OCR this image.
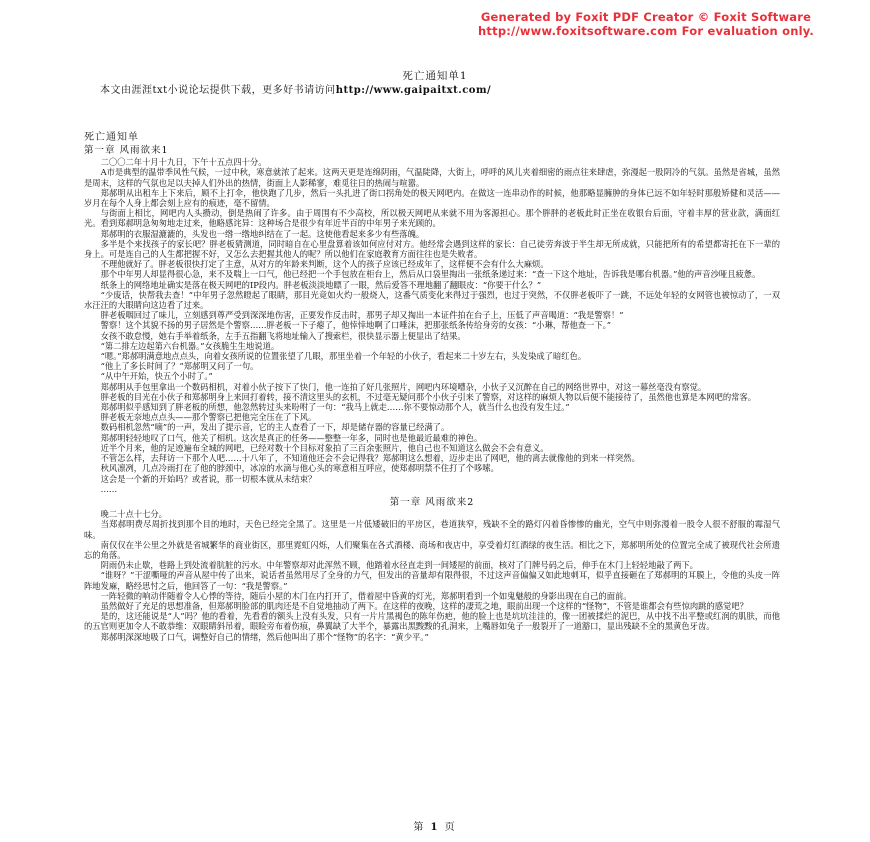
Generated by Foxit PDF Creator © Foxit Software
http://www.foxitsoftware.com For evaluation only.
死亡通知单1
本文由涯涯txt小说论坛提供下载，更多好书请访问http://www.gaipaitxt.com/
死亡通知单

第一章 风雨欲来1

二〇〇二年十月十九日，下午十五点四十分。

A市是典型的温带季风性气候，一过中秋，寒意就浓了起来。这两天更是连绵阴雨，气温陡降，大街上，呼呼的风儿夹着细密的雨点往来肆虐，弥漫起一股阴冷的气氛。虽然是省城，虽然是周末，这样的气氛也足以夫掉人们外出的热情，街面上人影稀寥，难觅往日的热闹与喧嚣。

郑郝明从出租车上下来后，顾不上打伞，他快跑了几步，然后一头扎进了街口拐角处的极天网吧内。在做这一连串动作的时候，他那略显臃肿的身体已远不如年轻时那般矫健和灵活——岁月在每个人身上都会刻上应有的痕迹，毫不留情。

与街面上相比，网吧内人头攒动，倒是热闹了许多。由于周围有不少高校，所以极天网吧从来就不用为客源担心。那个胖胖的老板此时正坐在收银台后面，守着丰厚的营业款，满面红光。看到郑郝明急匆匆地走过来，他略感诧异：这种场合是很少有年近半百的中年男子来光顾的。

郑郝明的衣服湿漉漉的，头发也一绺一绺地纠结在了一起。这使他看起来多少有些落魄。

多半是个来找孩子的家长吧？胖老板猜测道，同时暗自在心里盘算着该如何应付对方。他经常会遇到这样的家长：自己徒劳奔波于半生却无所成就，只能把所有的希望都寄托在下一辈的身上。可是连自己的人生都把握不好，又怎么去把握其他人的呢？所以他们在家庭教育方面往往也是失败者。

不理他就好了。胖老板很快打定了主意，从对方的年龄来判断，这个人的孩子应该已经成年了，这样便不会有什么大麻烦。

那个中年男人却显得很心急，来不及喘上一口气，他已经把一个手包放在柜台上，然后从口袋里掏出一张纸条递过来：“查一下这个地址，告诉我是哪台机器。”他的声音沙哑且疲惫。

纸条上的网络地址确实是落在极天网吧的IP段内。胖老板淡淡地瞟了一眼，然后爱答不理地翻了翻眼皮：“你要干什么？”

“少废话，快帮我去查！”中年男子忽然瞪起了眼睛，那目光竟如火灼一般烧人，这番气质变化来得过于强烈，也过于突然，不仅胖老板吓了一跳，不远处年轻的女网管也被惊动了，一双水汪汪的大眼睛向这边看了过来。

胖老板咽回过了味儿，立刻感到尊严受到深深地伤害，正要发作反击时，那男子却又掏出一本证件拍在台子上，压低了声音喝道：“我是警察！”

警察！这个其貌不扬的男子居然是个警察……胖老板一下子瘪了，他悻悻地啊了口唾沫，把那张纸条传给身旁的女孩：“小琳，帮他查一下。”

女孩不敢怠慢，她右手举着纸条，左手五指翻飞将地址输入了搜索栏，很快显示器上便显出了结果。

“第二排左边起第六台机器。”女孩脆生生地说道。

“嗯。”郑郝明满意地点点头，向着女孩所说的位置张望了几眼，那里坐着一个年轻的小伙子，看起来二十岁左右，头发染成了暗红色。

“他上了多长时间了？”郑郝明又问了一句。

“从中午开始，快五个小时了。”

郑郝明从手包里拿出一个数码相机，对着小伙子按下了快门，他一连拍了好几张照片，网吧内环境嘈杂，小伙子又沉醉在自己的网络世界中，对这一幕丝毫没有察觉。

胖老板的目光在小伙子和郑郝明身上来回打着转，接不清这里头的玄机，不过毫无疑问那个小伙子引来了警察，对这样的麻烦人物以后便不能接待了，虽然他也算是本网吧的常客。

郑郝明似乎感知到了胖老板的所想，他忽然转过头来吩咐了一句：“我马上就走……你不要惊动那个人，就当什么也没有发生过。”

胖老板无奈地点点头——那个警察已把他完全压在了下风。

数码相机忽然“嘀”的一声，发出了提示音，它的主人查看了一下，却是储存器的容量已经满了。

郑郝明轻轻地叹了口气，他关了相机。这次是真正的任务——整整一年多，同时也是他最近最难的神色。

近半个月来，他的足迹遍布全城的网吧，已经对数十个目标对象拍了三百余张照片，他自己也不知道这么做会不会有意义。

不管怎么样，去拜访一下那个人吧……十八年了，不知道他还会不会记得我？郑郝明这么想着，迈步走出了网吧，他的离去就像他的到来一样突然。

秋风凛冽，几点冷雨打在了他的脖颈中，冰凉的水滴与他心头的寒意相互呼应，使郑郝明禁不住打了个哆嗦。

这会是一个新的开始吗？或者说，那一切根本就从未结束？

……

第一章 风雨欲来2

晚二十点十七分。

当郑郝明费尽周折找到那个目的地时，天色已经完全黑了。这里是一片低矮破旧的平房区，巷道狭窄，残缺不全的路灯闪着昏惨惨的幽光，空气中则弥漫着一股令人很不舒服的霉湿气味。

南仅仅在半公里之外就是省城繁华的商业街区，那里霓虹闪烁，人们聚集在各式酒楼、商场和夜店中，享受着灯红酒绿的夜生活。相比之下，郑郝明所处的位置完全成了被现代社会所遗忘的角落。

阴雨仍未止歇，巷路上到处流着肮脏的污水。中年警察却对此浑然不顾，他踏着水径直走到一间矮屋的前面，核对了门牌号码之后，伸手在木门上轻轻地敲了两下。

“谁呀？”干涩嘶哑的声音从屋中传了出来，说话者虽然用尽了全身的力气，但发出的音量却有限得很，不过这声音偏偏又如此地刺耳，似乎直接砸在了郑郝明的耳膜上，令他的头皮一阵阵地发麻，略经思忖之后，他回答了一句：“我是警察。”

一阵轻微的响动伴随着令人心悸的等待，随后小屋的木门在内打开了，借着屋中昏黄的灯光，郑郝明看到一个如鬼魅般的身影出现在自己的面前。

虽然做好了充足的思想准备，但郑郝明脸部的肌肉还是不自觉地抽动了两下。在这样的夜晚，这样的凄荒之地，眼前出现一个这样的“怪物”，不管是谁都会有些惊肉跳的感觉吧？

是的，这还能说是“人”吗？他的看着，先看看的额头上没有头发，只有一片片黑褐色的陈年伤疤，他的脸上也是坑坑洼洼的，像一团被揉烂的泥巴，从中找不出平整或红润的肌肤，而他的五官则更加令人不敢恭维：双眼睛斜吊着，眼睑旁布着伤痕，鼻翼缺了大半个，暴露出黑黢黢的孔洞来，上嘴唇如兔子一般裂开了一道豁口，显出残缺不全的黑黄色牙齿。

郑郝明深深地吸了口气，调整好自己的情绪，然后他叫出了那个“怪物”的名字：“黄少平。”

第 1 页
